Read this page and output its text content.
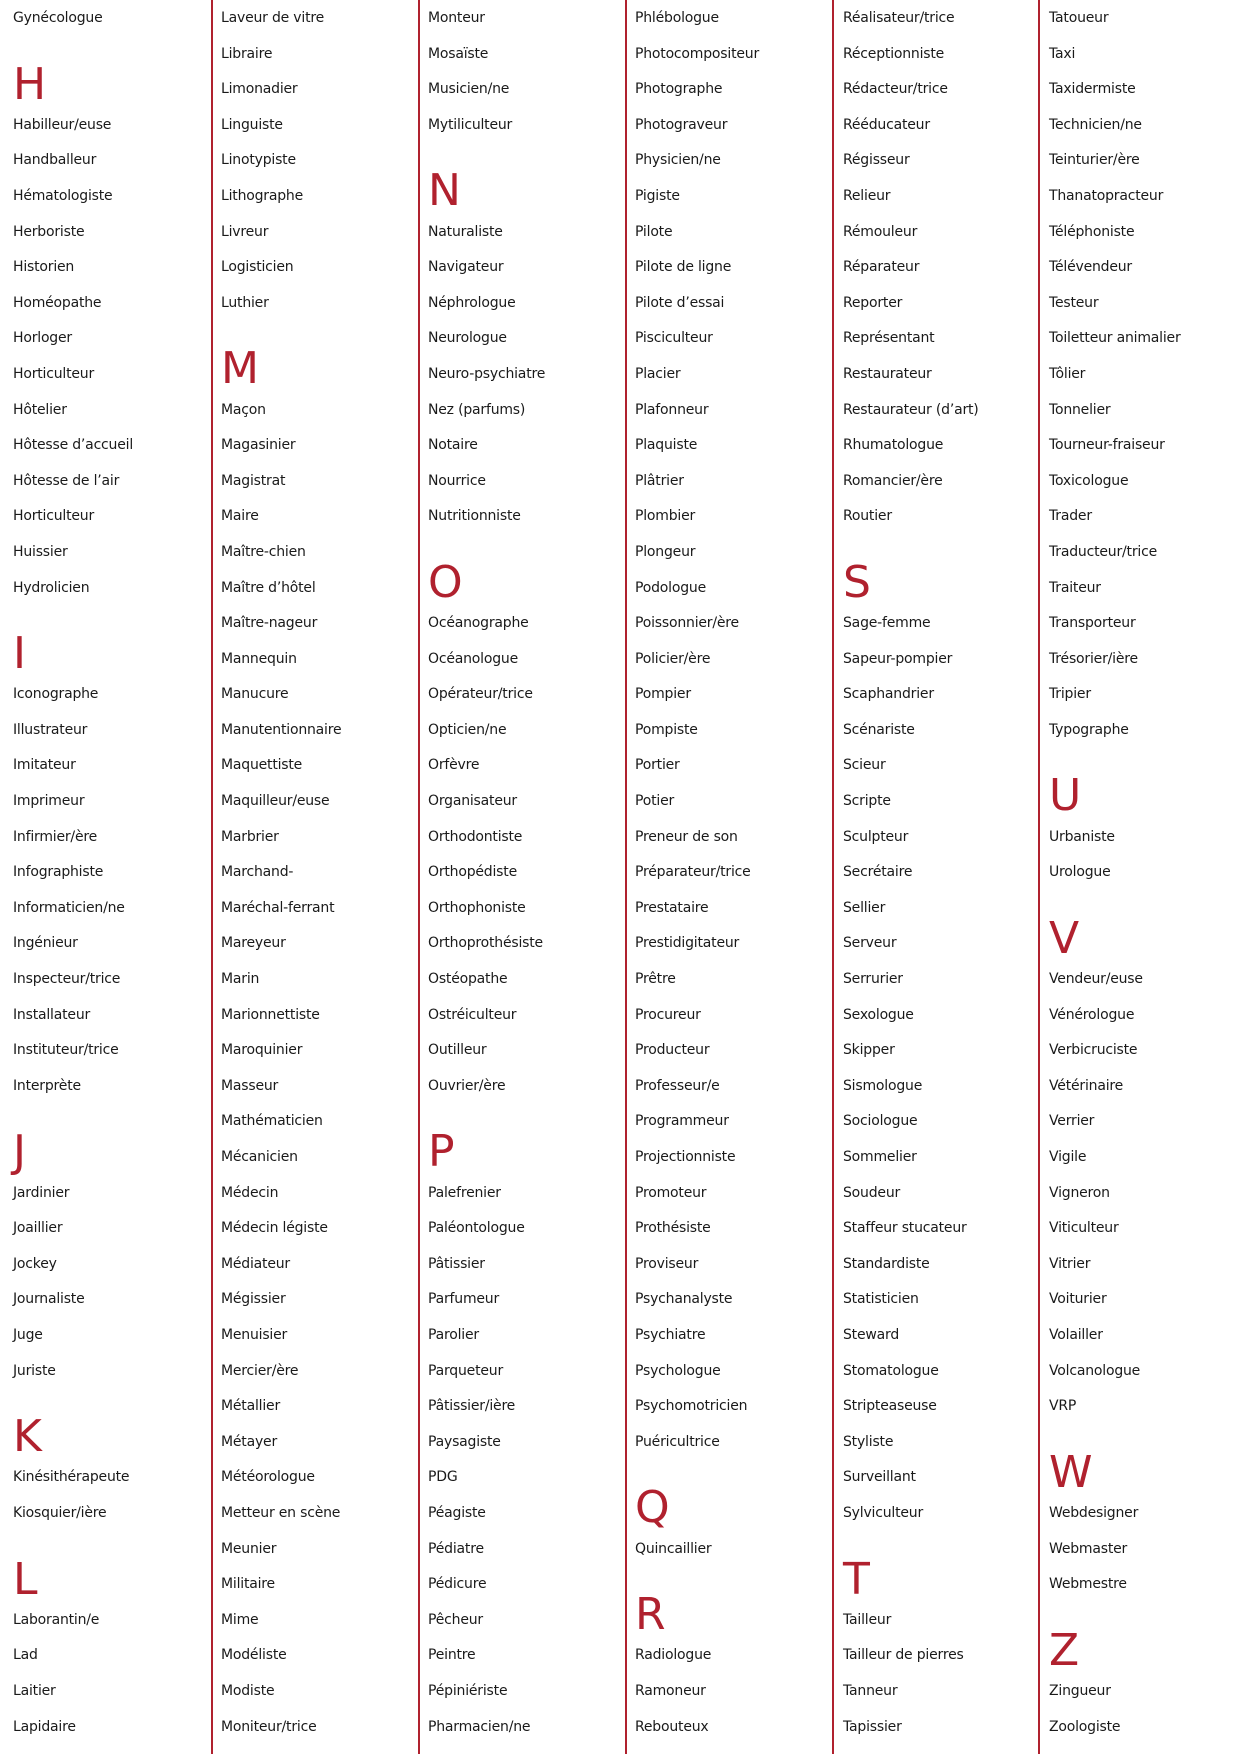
Gynécologue
H
Habilleur/euse
Handballeur
Hématologiste
Herboriste
Historien
Homéopathe
Horloger
Horticulteur
Hôtelier
Hôtesse d’accueil
Hôtesse de l’air
Horticulteur
Huissier
Hydrolicien
I
Iconographe
Illustrateur
Imitateur
Imprimeur
Infirmier/ère
Infographiste
Informaticien/ne
Ingénieur
Inspecteur/trice
Installateur
Instituteur/trice
Interprète
J
Jardinier
Joaillier
Jockey
Journaliste
Juge
Juriste
K
Kinésithérapeute
Kiosquier/ière
L
Laborantin/e
Lad
Laitier
Lapidaire
Laveur de vitre
Libraire
Limonadier
Linguiste
Linotypiste
Lithographe
Livreur
Logisticien
Luthier
M
Maçon
Magasinier
Magistrat
Maire
Maître-chien
Maître d’hôtel
Maître-nageur
Mannequin
Manucure
Manutentionnaire
Maquettiste
Maquilleur/euse
Marbrier
Marchand-
Maréchal-ferrant
Mareyeur
Marin
Marionnettiste
Maroquinier
Masseur
Mathématicien
Mécanicien
Médecin
Médecin légiste
Médiateur
Mégissier
Menuisier
Mercier/ère
Métallier
Métayer
Météorologue
Metteur en scène
Meunier
Militaire
Mime
Modéliste
Modiste
Moniteur/trice
Monteur
Mosaïste
Musicien/ne
Mytiliculteur
N
Naturaliste
Navigateur
Néphrologue
Neurologue
Neuro-psychiatre
Nez (parfums)
Notaire
Nourrice
Nutritionniste
O
Océanographe
Océanologue
Opérateur/trice
Opticien/ne
Orfèvre
Organisateur
Orthodontiste
Orthopédiste
Orthophoniste
Orthoprothésiste
Ostéopathe
Ostréiculteur
Outilleur
Ouvrier/ère
P
Palefrenier
Paléontologue
Pâtissier
Parfumeur
Parolier
Parqueteur
Pâtissier/ière
Paysagiste
PDG
Péagiste
Pédiatre
Pédicure
Pêcheur
Peintre
Pépiniériste
Pharmacien/ne
Phlébologue
Photocompositeur
Photographe
Photograveur
Physicien/ne
Pigiste
Pilote
Pilote de ligne
Pilote d’essai
Pisciculteur
Placier
Plafonneur
Plaquiste
Plâtrier
Plombier
Plongeur
Podologue
Poissonnier/ère
Policier/ère
Pompier
Pompiste
Portier
Potier
Preneur de son
Préparateur/trice
Prestataire
Prestidigitateur
Prêtre
Procureur
Producteur
Professeur/e
Programmeur
Projectionniste
Promoteur
Prothésiste
Proviseur
Psychanalyste
Psychiatre
Psychologue
Psychomotricien
Puéricultrice
Q
Quincaillier
R
Radiologue
Ramoneur
Rebouteux
Réalisateur/trice
Réceptionniste
Rédacteur/trice
Rééducateur
Régisseur
Relieur
Rémouleur
Réparateur
Reporter
Représentant
Restaurateur
Restaurateur (d’art)
Rhumatologue
Romancier/ère
Routier
S
Sage-femme
Sapeur-pompier
Scaphandrier
Scénariste
Scieur
Scripte
Sculpteur
Secrétaire
Sellier
Serveur
Serrurier
Sexologue
Skipper
Sismologue
Sociologue
Sommelier
Soudeur
Staffeur stucateur
Standardiste
Statisticien
Steward
Stomatologue
Stripteaseuse
Styliste
Surveillant
Sylviculteur
T
Tailleur
Tailleur de pierres
Tanneur
Tapissier
Tatoueur
Taxi
Taxidermiste
Technicien/ne
Teinturier/ère
Thanatopracteur
Téléphoniste
Télévendeur
Testeur
Toiletteur animalier
Tôlier
Tonnelier
Tourneur-fraiseur
Toxicologue
Trader
Traducteur/trice
Traiteur
Transporteur
Trésorier/ière
Tripier
Typographe
U
Urbaniste
Urologue
V
Vendeur/euse
Vénérologue
Verbicruciste
Vétérinaire
Verrier
Vigile
Vigneron
Viticulteur
Vitrier
Voiturier
Volailler
Volcanologue
VRP
W
Webdesigner
Webmaster
Webmestre
Z
Zingueur
Zoologiste
